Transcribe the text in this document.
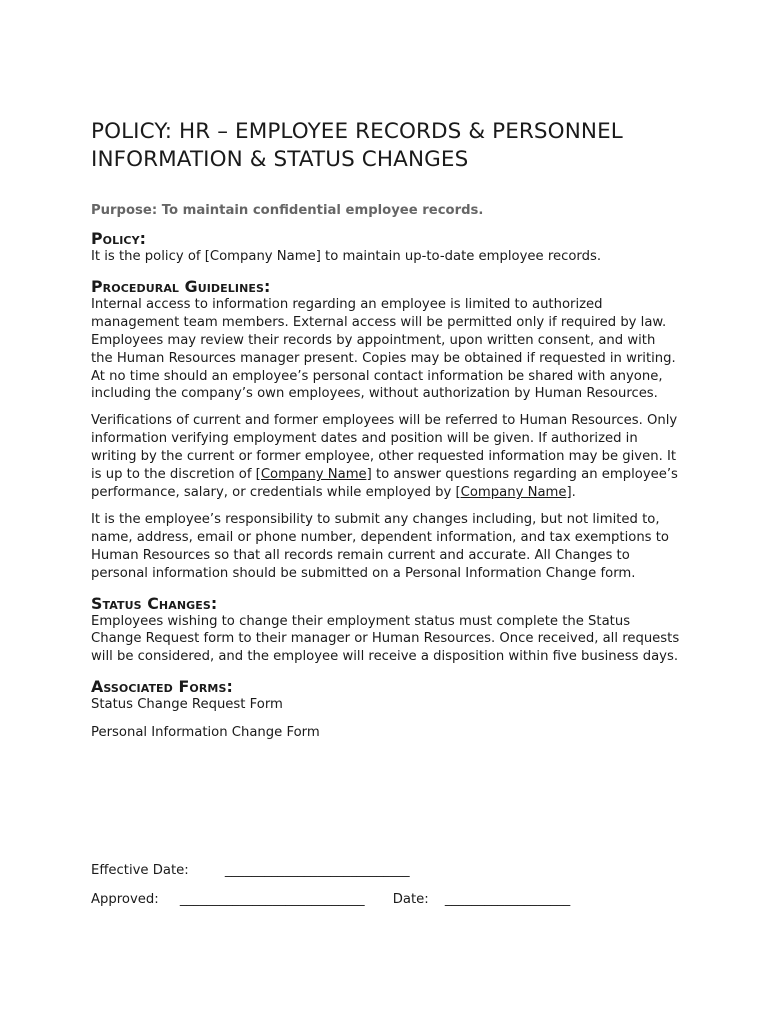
POLICY: HR – EMPLOYEE RECORDS & PERSONNEL
INFORMATION & STATUS CHANGES

Purpose: To maintain confidential employee records.

Policy:

It is the policy of [Company Name] to maintain up-to-date employee records.

Procedural Guidelines:

Internal access to information regarding an employee is limited to authorized management team members. External access will be permitted only if required by law. Employees may review their records by appointment, upon written consent, and with the Human Resources manager present. Copies may be obtained if requested in writing. At no time should an employee’s personal contact information be shared with anyone, including the company’s own employees, without authorization by Human Resources.

Verifications of current and former employees will be referred to Human Resources. Only information verifying employment dates and position will be given. If authorized in writing by the current or former employee, other requested information may be given. It is up to the discretion of [Company Name] to answer questions regarding an employee’s performance, salary, or credentials while employed by [Company Name].

It is the employee’s responsibility to submit any changes including, but not limited to, name, address, email or phone number, dependent information, and tax exemptions to Human Resources so that all records remain current and accurate. All Changes to personal information should be submitted on a Personal Information Change form.

Status Changes:

Employees wishing to change their employment status must complete the Status Change Request form to their manager or Human Resources. Once received, all requests will be considered, and the employee will receive a disposition within five business days.

Associated Forms:

Status Change Request Form

Personal Information Change Form

Effective Date:	____________________________
Approved: ____________________________ Date: ___________________
